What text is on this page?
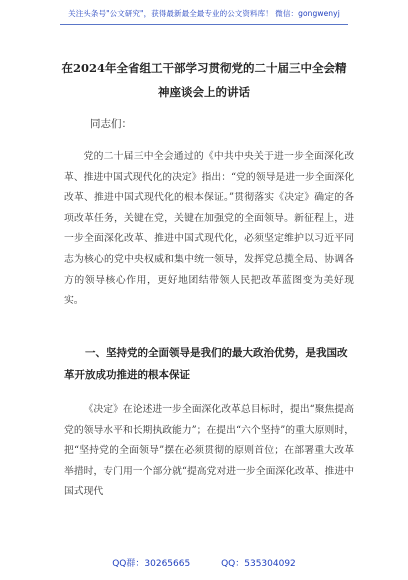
关注头条号"公文研究"，获得最新最全最专业的公文资料库！ 微信：gongwenyj
在2024年全省组工干部学习贯彻党的二十届三中全会精神座谈会上的讲话
同志们：

党的二十届三中全会通过的《中共中央关于进一步全面深化改革、推进中国式现代化的决定》指出：“党的领导是进一步全面深化改革、推进中国式现代化的根本保证。”贯彻落实《决定》确定的各项改革任务，关键在党，关键在加强党的全面领导。新征程上，进一步全面深化改革、推进中国式现代化，必须坚定维护以习近平同志为核心的党中央权威和集中统一领导，发挥党总揽全局、协调各方的领导核心作用，更好地团结带领人民把改革蓝图变为美好现实。

一、坚持党的全面领导是我们的最大政治优势，是我国改革开放成功推进的根本保证

《决定》在论述进一步全面深化改革总目标时，提出“聚焦提高党的领导水平和长期执政能力”；在提出“六个坚持”的重大原则时，把“坚持党的全面领导”摆在必须贯彻的原则首位；在部署重大改革举措时，专门用一个部分就“提高党对进一步全面深化改革、推进中国式现代

QQ群：30265665	QQ：535304092
